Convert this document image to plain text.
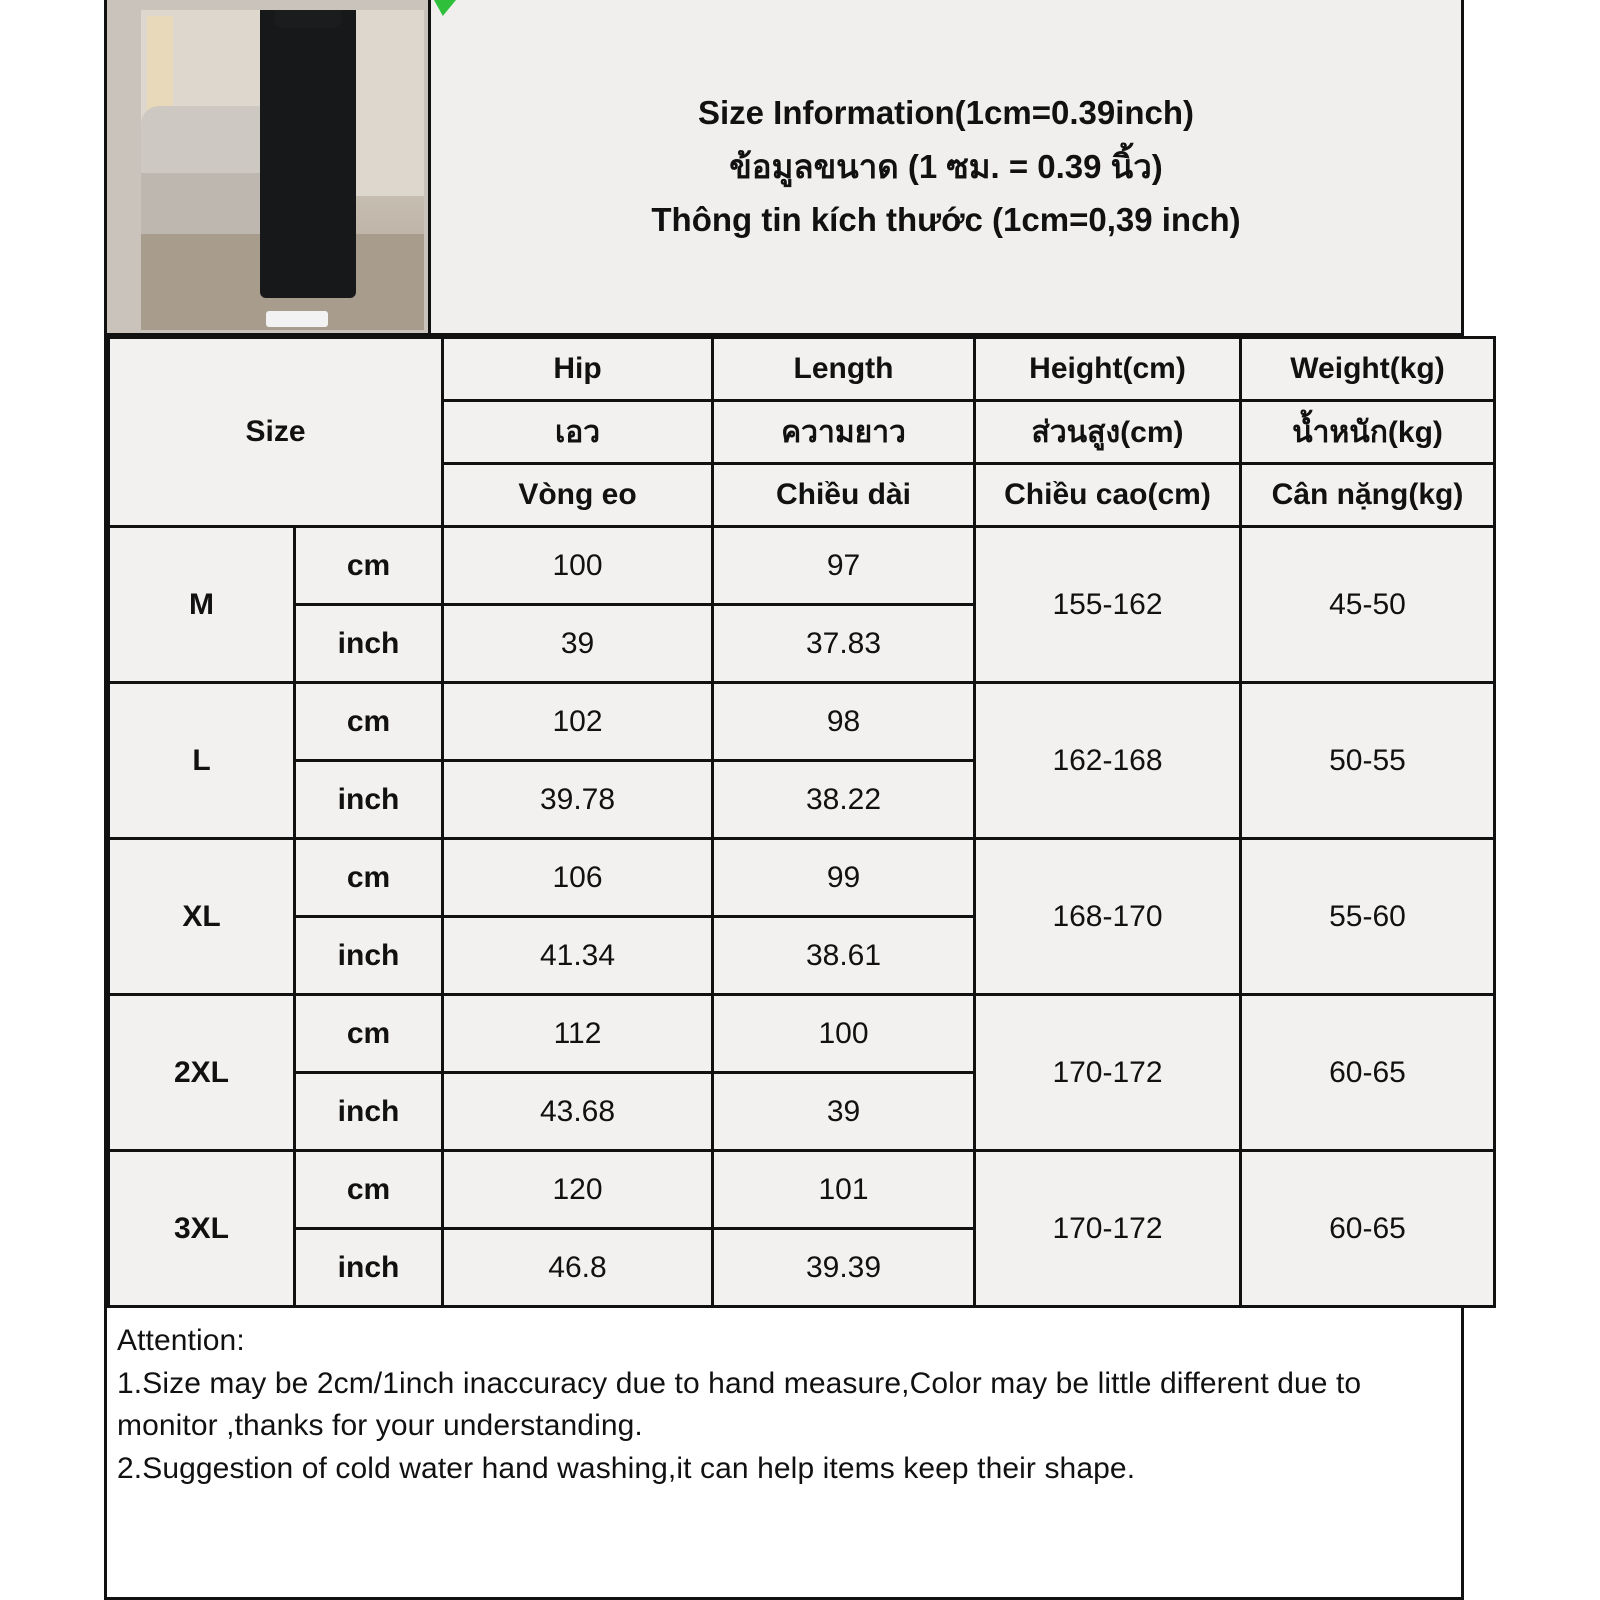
Size Information(1cm=0.39inch)
ข้อมูลขนาด (1 ซม. = 0.39 นิ้ว)
Thông tin kích thước (1cm=0,39 inch)
Size		Hip	Length	Height(cm)	Weight(kg)
		เอว	ความยาว	ส่วนสูง(cm)	น้ำหนัก(kg)
		Vòng eo	Chiều dài	Chiều cao(cm)	Cân nặng(kg)
M	cm	100	97	155-162	45-50
	inch	39	37.83		
L	cm	102	98	162-168	50-55
	inch	39.78	38.22		
XL	cm	106	99	168-170	55-60
	inch	41.34	38.61		
2XL	cm	112	100	170-172	60-65
	inch	43.68	39		
3XL	cm	120	101	170-172	60-65
	inch	46.8	39.39		

Attention:

1.Size may be 2cm/1inch inaccuracy due to hand measure,Color may be little different due to monitor ,thanks for your understanding.

2.Suggestion of cold water hand washing,it can help items keep their shape.
